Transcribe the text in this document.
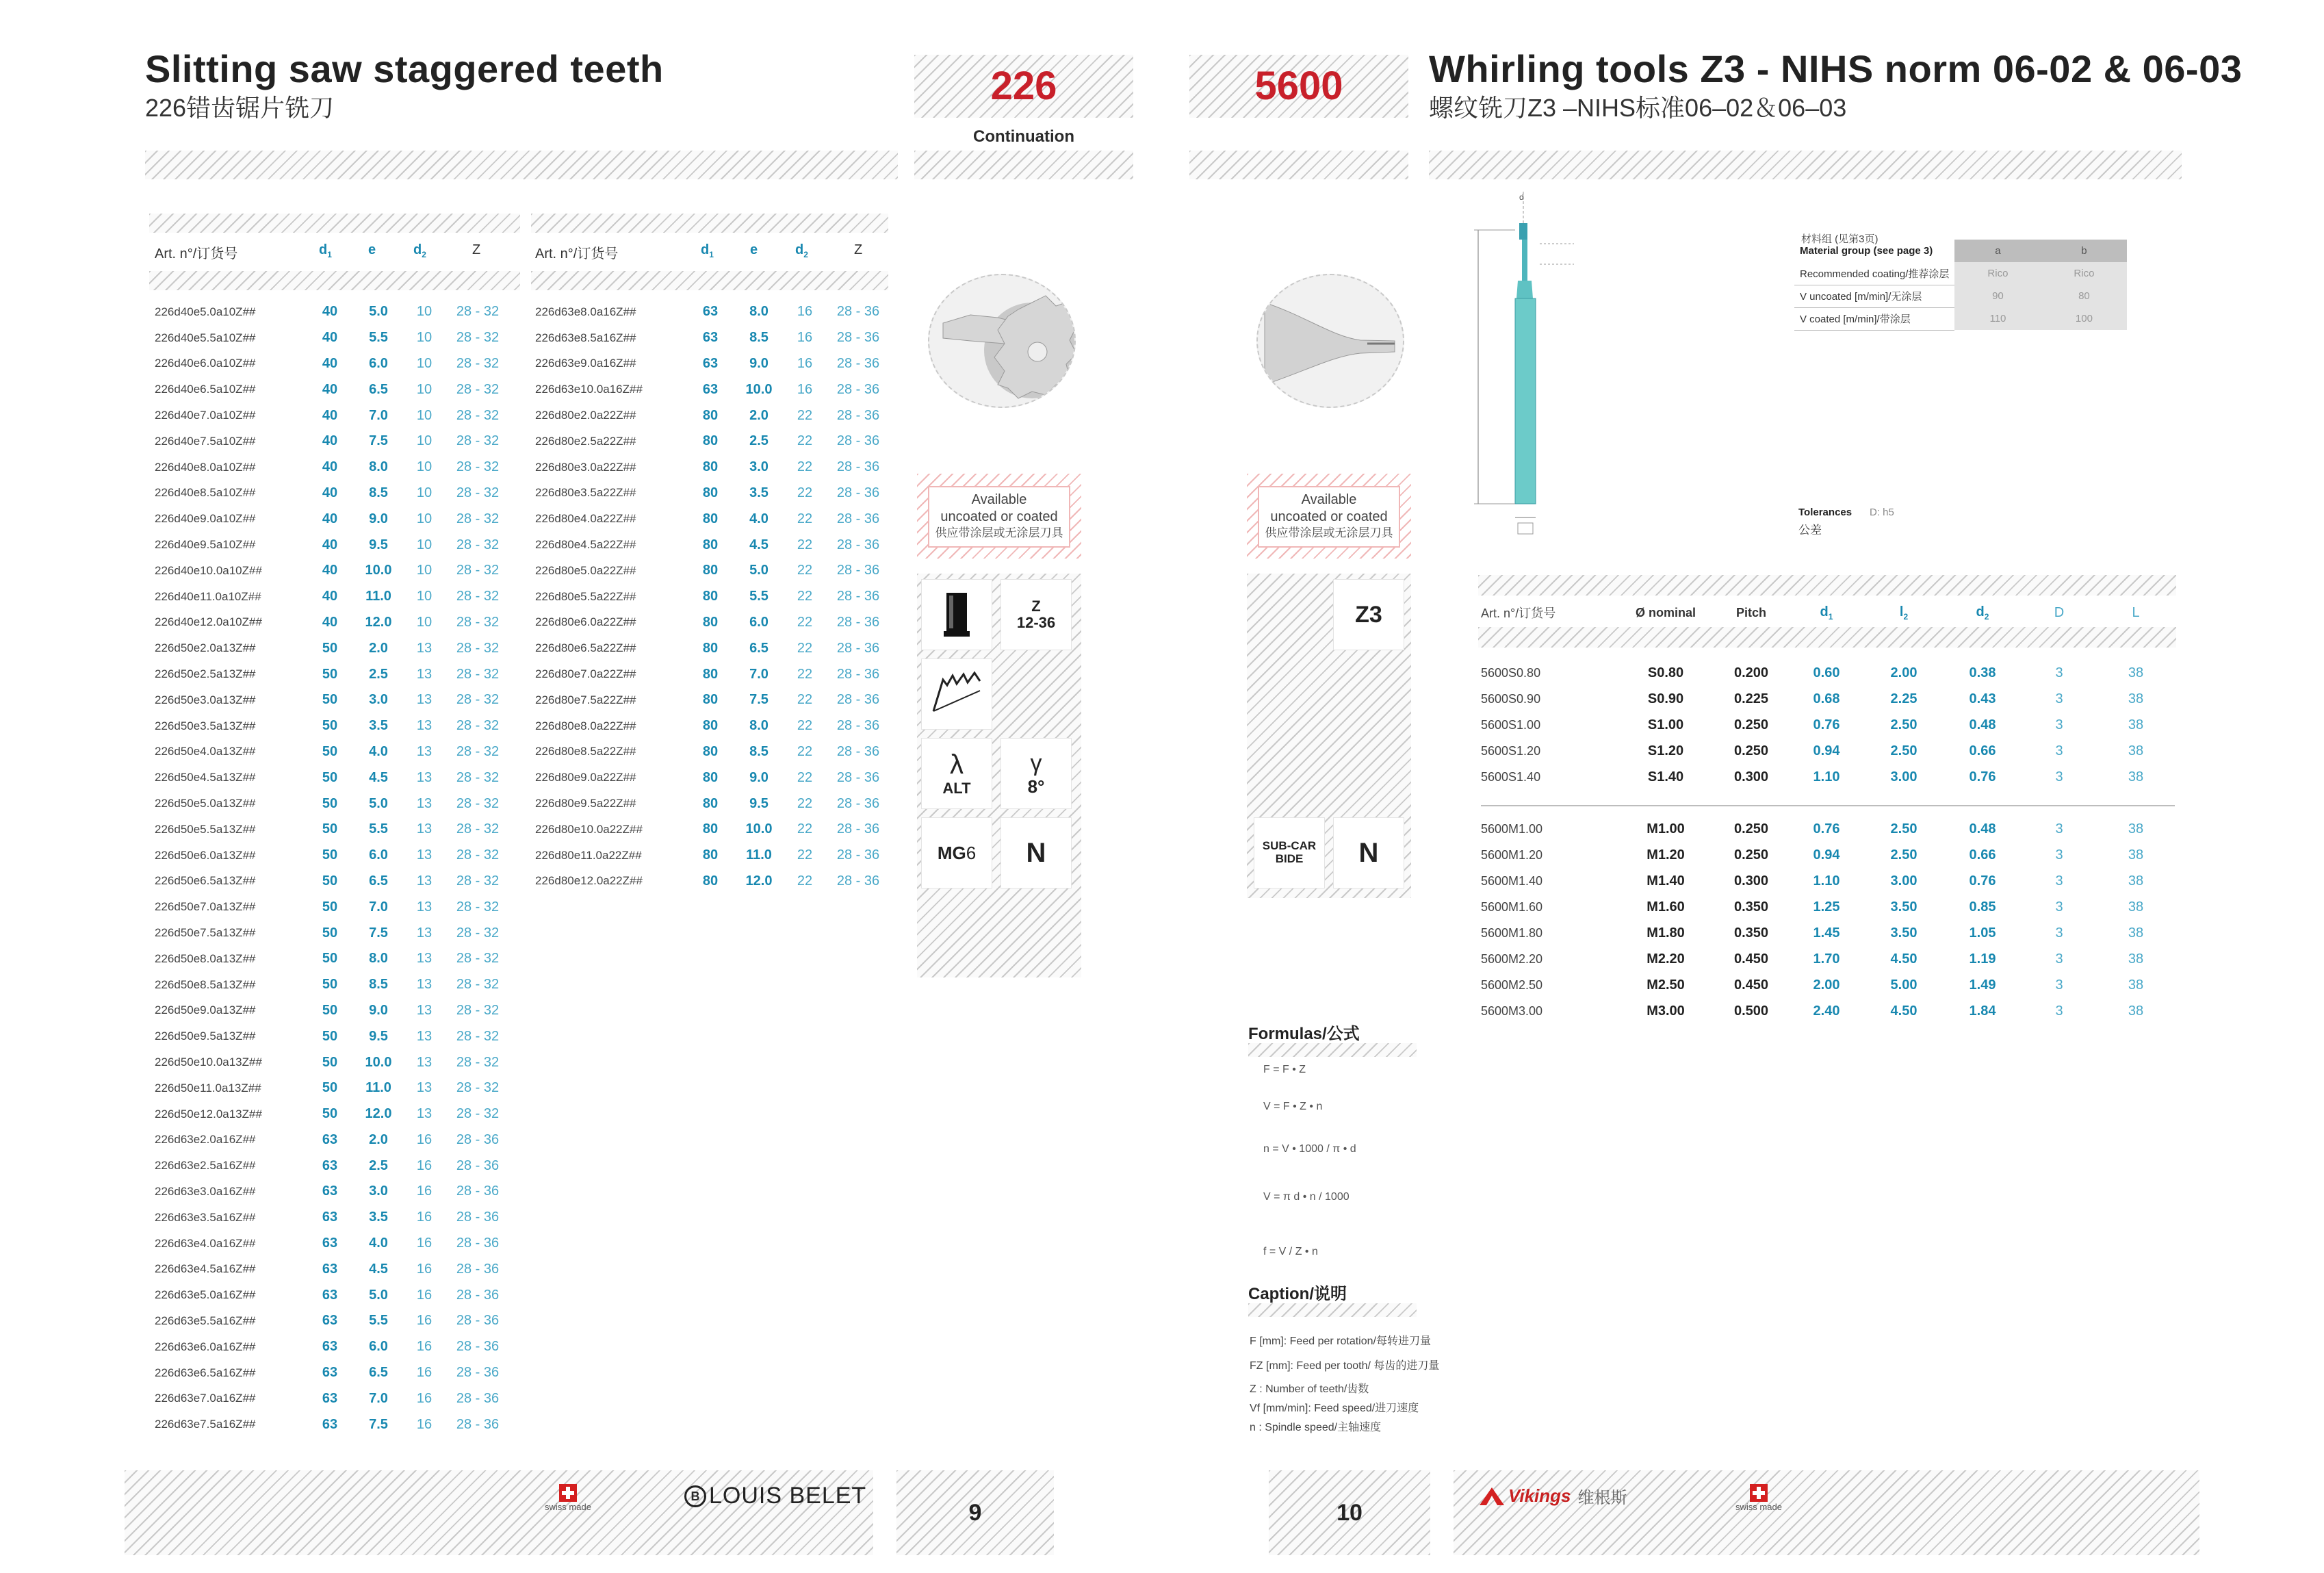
Slitting saw staggered teeth
226错齿锯片铣刀	226
Continuation
Art. n°/订货号	$d_1$	e	$d_2$	Z
226d40e5.0a10Z##	40	5.0	10	28 - 32
226d40e5.5a10Z##	40	5.5	10	28 - 32
226d40e6.0a10Z##	40	6.0	10	28 - 32
226d40e6.5a10Z##	40	6.5	10	28 - 32
226d40e7.0a10Z##	40	7.0	10	28 - 32
226d40e7.5a10Z##	40	7.5	10	28 - 32
226d40e8.0a10Z##	40	8.0	10	28 - 32
226d40e8.5a10Z##	40	8.5	10	28 - 32
226d40e9.0a10Z##	40	9.0	10	28 - 32
226d40e9.5a10Z##	40	9.5	10	28 - 32
226d40e10.0a10Z##	40	10.0	10	28 - 32
226d40e11.0a10Z##	40	11.0	10	28 - 32
226d40e12.0a10Z##	40	12.0	10	28 - 32
226d50e2.0a13Z##	50	2.0	13	28 - 32
226d50e2.5a13Z##	50	2.5	13	28 - 32
226d50e3.0a13Z##	50	3.0	13	28 - 32
226d50e3.5a13Z##	50	3.5	13	28 - 32
226d50e4.0a13Z##	50	4.0	13	28 - 32
226d50e4.5a13Z##	50	4.5	13	28 - 32
226d50e5.0a13Z##	50	5.0	13	28 - 32
226d50e5.5a13Z##	50	5.5	13	28 - 32
226d50e6.0a13Z##	50	6.0	13	28 - 32
226d50e6.5a13Z##	50	6.5	13	28 - 32
226d50e7.0a13Z##	50	7.0	13	28 - 32
226d50e7.5a13Z##	50	7.5	13	28 - 32
226d50e8.0a13Z##	50	8.0	13	28 - 32
226d50e8.5a13Z##	50	8.5	13	28 - 32
226d50e9.0a13Z##	50	9.0	13	28 - 32
226d50e9.5a13Z##	50	9.5	13	28 - 32
226d50e10.0a13Z##	50	10.0	13	28 - 32
226d50e11.0a13Z##	50	11.0	13	28 - 32
226d50e12.0a13Z##	50	12.0	13	28 - 32
226d63e2.0a16Z##	63	2.0	16	28 - 36
226d63e2.5a16Z##	63	2.5	16	28 - 36
226d63e3.0a16Z##	63	3.0	16	28 - 36
226d63e3.5a16Z##	63	3.5	16	28 - 36
226d63e4.0a16Z##	63	4.0	16	28 - 36
226d63e4.5a16Z##	63	4.5	16	28 - 36
226d63e5.0a16Z##	63	5.0	16	28 - 36
226d63e5.5a16Z##	63	5.5	16	28 - 36
226d63e6.0a16Z##	63	6.0	16	28 - 36
226d63e6.5a16Z##	63	6.5	16	28 - 36
226d63e7.0a16Z##	63	7.0	16	28 - 36
226d63e7.5a16Z##	63	7.5	16	28 - 36
Art. n°/订货号	$d_1$	e	$d_2$	Z
226d63e8.0a16Z##	63	8.0	16	28 - 36
226d63e8.5a16Z##	63	8.5	16	28 - 36
226d63e9.0a16Z##	63	9.0	16	28 - 36
226d63e10.0a16Z##	63	10.0	16	28 - 36
226d80e2.0a22Z##	80	2.0	22	28 - 36
226d80e2.5a22Z##	80	2.5	22	28 - 36
226d80e3.0a22Z##	80	3.0	22	28 - 36
226d80e3.5a22Z##	80	3.5	22	28 - 36
226d80e4.0a22Z##	80	4.0	22	28 - 36
226d80e4.5a22Z##	80	4.5	22	28 - 36
226d80e5.0a22Z##	80	5.0	22	28 - 36
226d80e5.5a22Z##	80	5.5	22	28 - 36
226d80e6.0a22Z##	80	6.0	22	28 - 36
226d80e6.5a22Z##	80	6.5	22	28 - 36
226d80e7.0a22Z##	80	7.0	22	28 - 36
226d80e7.5a22Z##	80	7.5	22	28 - 36
226d80e8.0a22Z##	80	8.0	22	28 - 36
226d80e8.5a22Z##	80	8.5	22	28 - 36
226d80e9.0a22Z##	80	9.0	22	28 - 36
226d80e9.5a22Z##	80	9.5	22	28 - 36
226d80e10.0a22Z##	80	10.0	22	28 - 36
226d80e11.0a22Z##	80	11.0	22	28 - 36
226d80e12.0a22Z##	80	12.0	22	28 - 36
Available
uncoated or coated
供应带涂层或无涂层刀具
Z
12-36
λ
ALT
γ
8°
MG6 N
5600	Whirling tools Z3 - NIHS norm 06-02 & 06-03
螺纹铣刀Z3 –NIHS标准06–02＆06–03
d
材料组 (见第3页)
Material group (see page 3)	a	b
Recommended coating/推荐涂层	Rico	Rico
V uncoated [m/min]/无涂层	90	80
V coated [m/min]/带涂层	110	100
Tolerances D: h5
公差
Available
uncoated or coated
供应带涂层或无涂层刀具
Z3
SUB-CARBIDE	N
Art. n°/订货号	Ø nominal	Pitch	$d_1$	$l_2$	$d_2$	D	L
5600S0.80	S0.80	0.200	0.60	2.00	0.38	3	38
5600S0.90	S0.90	0.225	0.68	2.25	0.43	3	38
5600S1.00	S1.00	0.250	0.76	2.50	0.48	3	38
5600S1.20	S1.20	0.250	0.94	2.50	0.66	3	38
5600S1.40	S1.40	0.300	1.10	3.00	0.76	3	38
5600M1.00	M1.00	0.250	0.76	2.50	0.48	3	38
5600M1.20	M1.20	0.250	0.94	2.50	0.66	3	38
5600M1.40	M1.40	0.300	1.10	3.00	0.76	3	38
5600M1.60	M1.60	0.350	1.25	3.50	0.85	3	38
5600M1.80	M1.80	0.350	1.45	3.50	1.05	3	38
5600M2.20	M2.20	0.450	1.70	4.50	1.19	3	38
5600M2.50	M2.50	0.450	2.00	5.00	1.49	3	38
5600M3.00	M3.00	0.500	2.40	4.50	1.84	3	38
Formulas/公式
F = F • Z
V = F • Z • n
n = V • 1000 / π • d
V = π d • n / 1000
f = V / Z • n
Caption/说明
F [mm]: Feed per rotation/每转进刀量
FZ [mm]: Feed per tooth/ 每齿的进刀量
Z : Number of teeth/齿数
Vf [mm/min]: Feed speed/进刀速度
n : Spindle speed/主轴速度
swiss made
B LOUIS BELET
9	10
Vikings 维根斯	swiss made
